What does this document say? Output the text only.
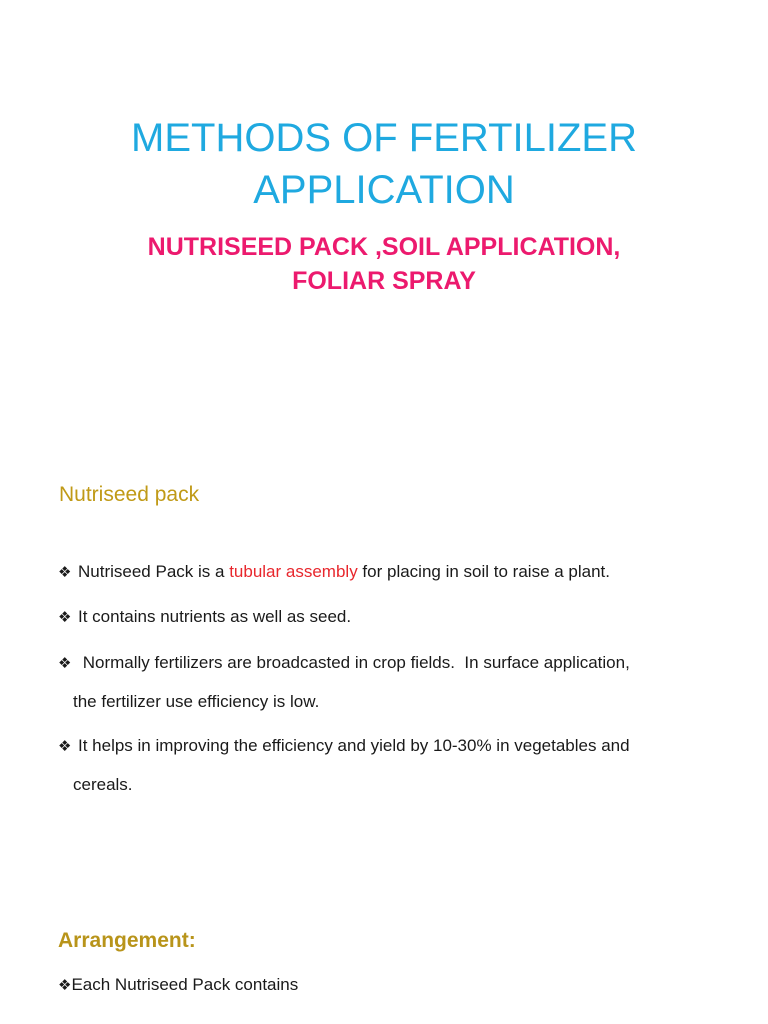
METHODS OF FERTILIZER
APPLICATION
NUTRISEED PACK ,SOIL APPLICATION,
FOLIAR SPRAY
Nutriseed pack

❖ Nutriseed Pack is a tubular assembly for placing in soil to raise a plant.

❖ It contains nutrients as well as seed.

❖ Normally fertilizers are broadcasted in crop fields.  In surface application,
the fertilizer use efficiency is low.

❖ It helps in improving the efficiency and yield by 10-30% in vegetables and
cereals.

Arrangement:

❖Each Nutriseed Pack contains
